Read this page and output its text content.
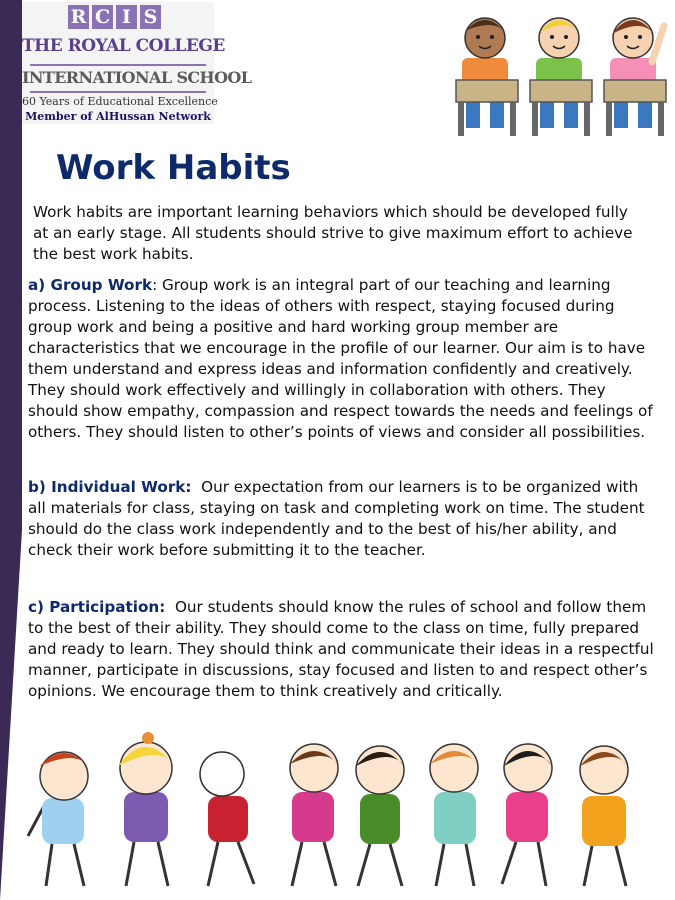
R C I S
THE ROYAL COLLEGE
INTERNATIONAL SCHOOL
60 Years of Educational Excellence
Member of AlHussan Network
Work Habits

Work habits are important learning behaviors which should be developed fully at an early stage. All students should strive to give maximum effort to achieve the best work habits.

a) Group Work: Group work is an integral part of our teaching and learning process. Listening to the ideas of others with respect, staying focused during group work and being a positive and hard working group member are characteristics that we encourage in the profile of our learner. Our aim is to have them understand and express ideas and information confidently and creatively. They should work effectively and willingly in collaboration with others. They should show empathy, compassion and respect towards the needs and feelings of others. They should listen to other’s points of views and consider all possibilities.

b) Individual Work: Our expectation from our learners is to be organized with all materials for class, staying on task and completing work on time. The student should do the class work independently and to the best of his/her ability, and check their work before submitting it to the teacher.

c) Participation: Our students should know the rules of school and follow them to the best of their ability. They should come to the class on time, fully prepared and ready to learn. They should think and communicate their ideas in a respectful manner, participate in discussions, stay focused and listen to and respect other’s opinions. We encourage them to think creatively and critically.
